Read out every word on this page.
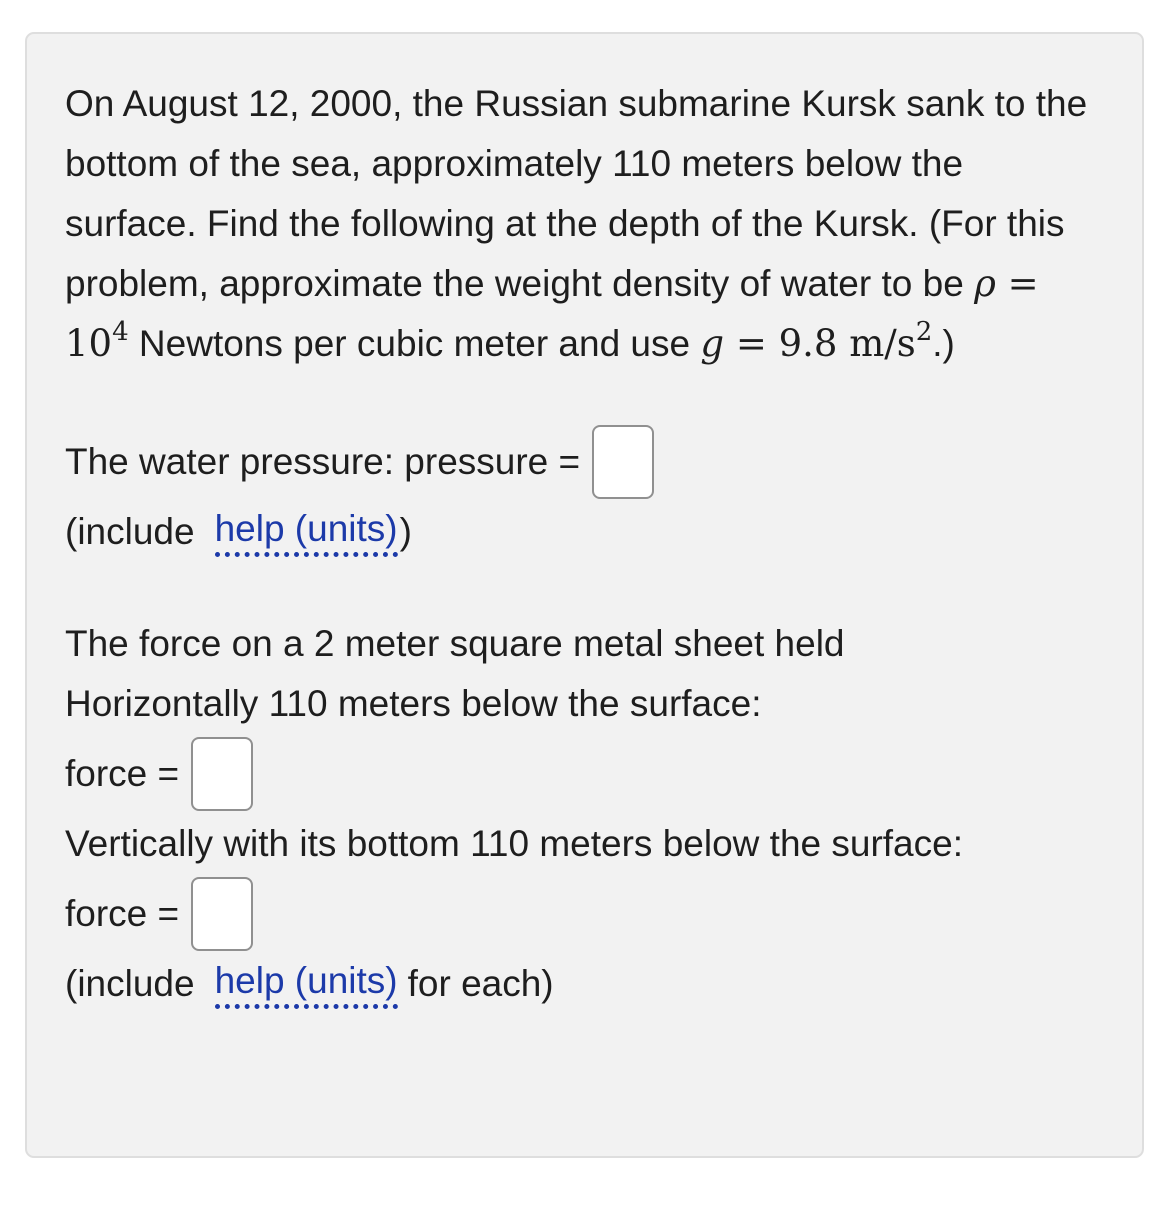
On August 12, 2000, the Russian submarine Kursk sank to the bottom of the sea, approximately 110 meters below the surface. Find the following at the depth of the Kursk. (For this problem, approximate the weight density of water to be $\rho = 10^4$ Newtons per cubic meter and use g = 9.8 $m/s^2$.)

The water pressure: pressure =
(include help (units) )

The force on a 2 meter square metal sheet held Horizontally 110 meters below the surface:

force =
Vertically with its bottom 110 meters below the surface:
force =
(include help (units) for each)
